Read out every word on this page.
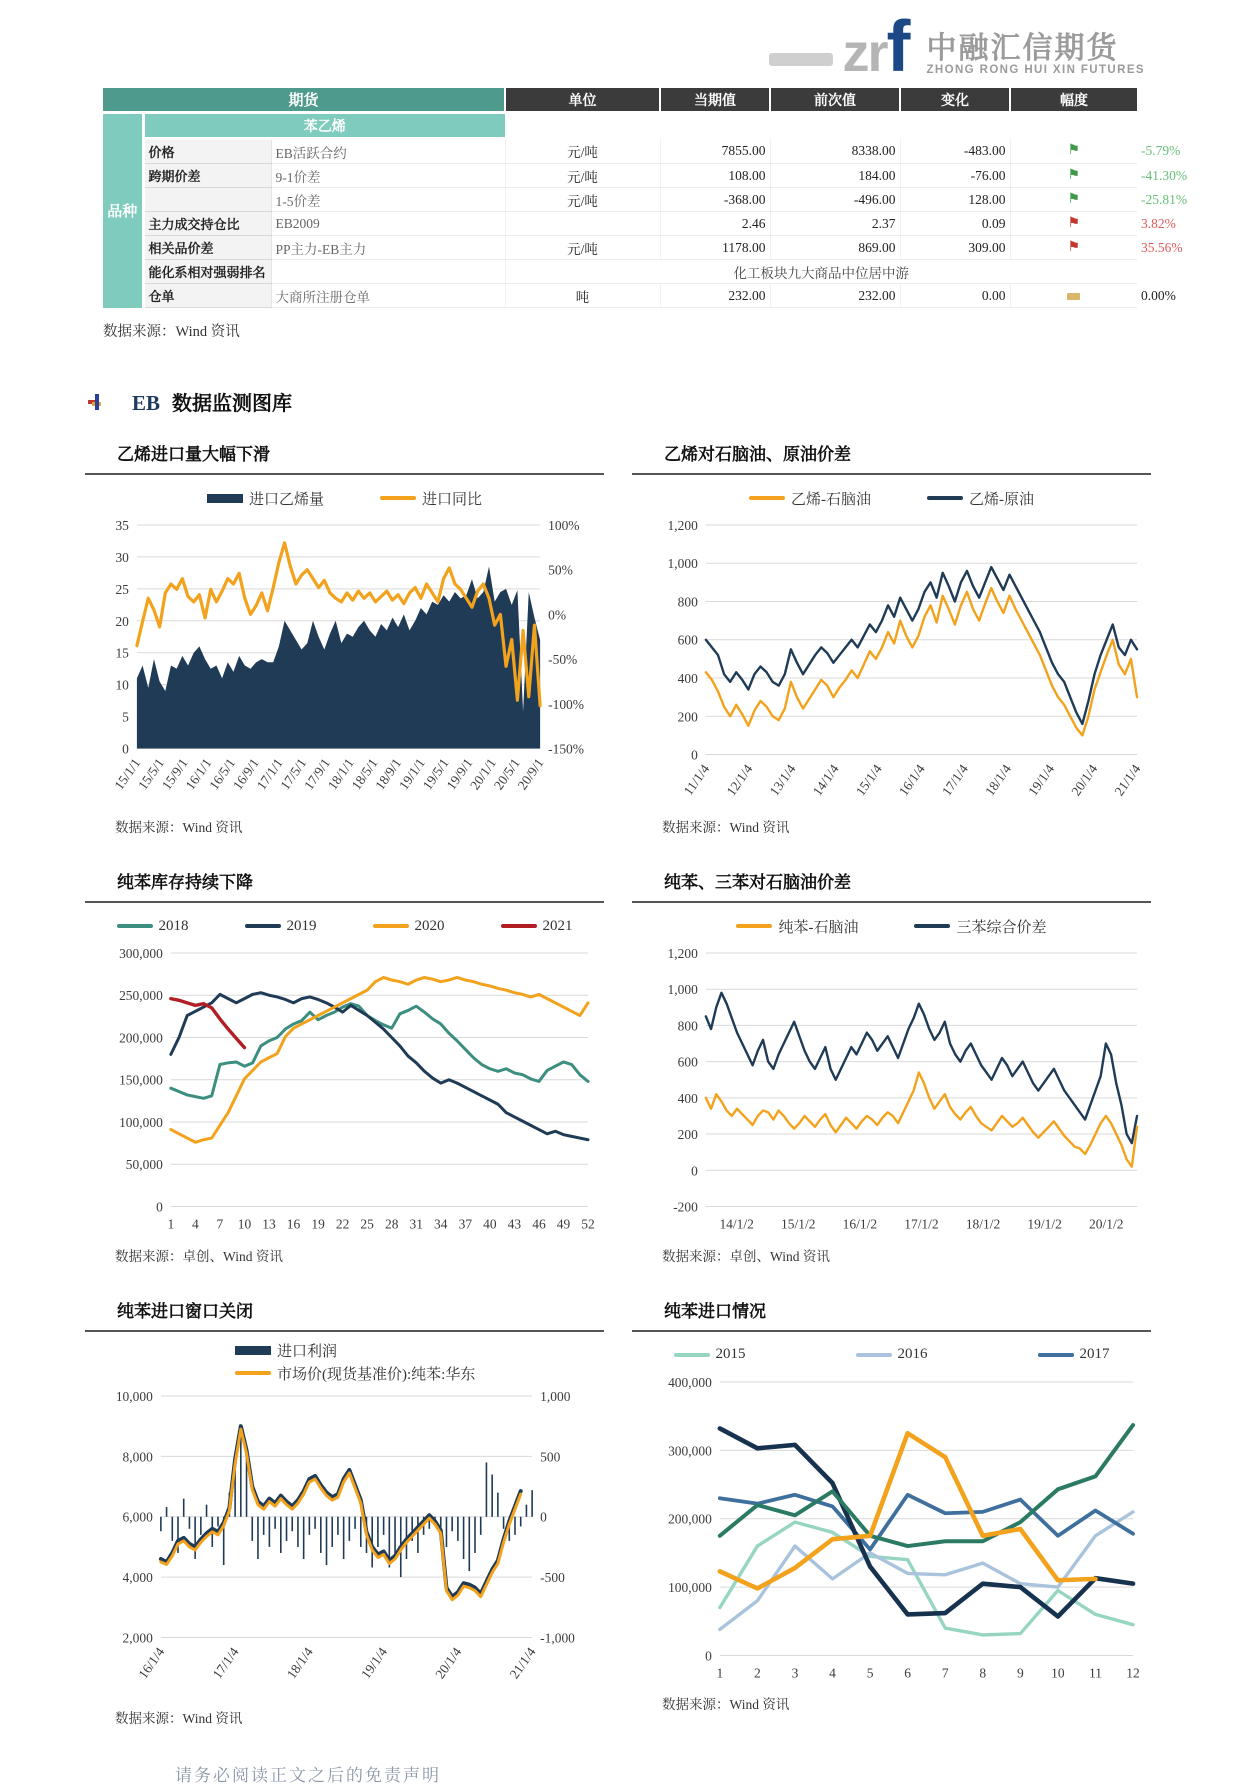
zrf 中融汇信期货
ZHONG RONG HUI XIN FUTURES
期货			单位	当期值	前次值	变化	幅度	
品种	苯乙烯							
	价格	EB活跃合约	元/吨	7855.00	8338.00	-483.00	⚑	-5.79%
	跨期价差	9-1价差	元/吨	108.00	184.00	-76.00	⚑	-41.30%
		1-5价差	元/吨	-368.00	-496.00	128.00	⚑	-25.81%
	主力成交持仓比	EB2009		2.46	2.37	0.09	⚑	3.82%
	相关品价差	PP主力-EB主力	元/吨	1178.00	869.00	309.00	⚑	35.56%
	能化系相对强弱排名		化工板块九大商品中位居中游					
	仓单	大商所注册仓单	吨	232.00	232.00	0.00		0.00%
数据来源：Wind 资讯
EB 数据监测图库
乙烯进口量大幅下滑
进口乙烯量	进口同比
0
5
10
15
20
25
30
35	100%
50%
0%
-50%
-100%
-150%
15/1/1
15/5/1
15/9/1
16/1/1
16/5/1
16/9/1
17/1/1
17/5/1
17/9/1
18/1/1
18/5/1
18/9/1
19/1/1
19/5/1
19/9/1
20/1/1
20/5/1
20/9/1
数据来源：Wind 资讯
乙烯对石脑油、原油价差
乙烯-石脑油	乙烯-原油
0
200
400
600
800
1,000
1,200
11/1/4 12/1/4 13/1/4 14/1/4 15/1/4 16/1/4 17/1/4 18/1/4 19/1/4 20/1/4 21/1/4
数据来源：Wind 资讯
纯苯库存持续下降
2018	2019	2020	2021
0
50,000
100,000
150,000
200,000
250,000
300,000
1 4 7 10 13 16 19 22 25 28 31 34 37 40 43 46 49 52
数据来源：卓创、Wind 资讯
纯苯、三苯对石脑油价差
纯苯-石脑油	三苯综合价差
-200
0
200
400
600
800
1,000
1,200
14/1/2 15/1/2 16/1/2 17/1/2 18/1/2 19/1/2 20/1/2
数据来源：卓创、Wind 资讯
纯苯进口窗口关闭
进口利润
市场价(现货基准价):纯苯:华东
2,000
4,000
6,000
8,000
10,000	1,000
500
0
-500
-1,000
16/1/4	17/1/4	18/1/4	19/1/4	20/1/4	21/1/4
数据来源：Wind 资讯
纯苯进口情况
2015	2016	2017
0
100,000
200,000
300,000
400,000
1 2 3 4 5 6 7 8 9 10 11 12
数据来源：Wind 资讯
请务必阅读正文之后的免责声明
